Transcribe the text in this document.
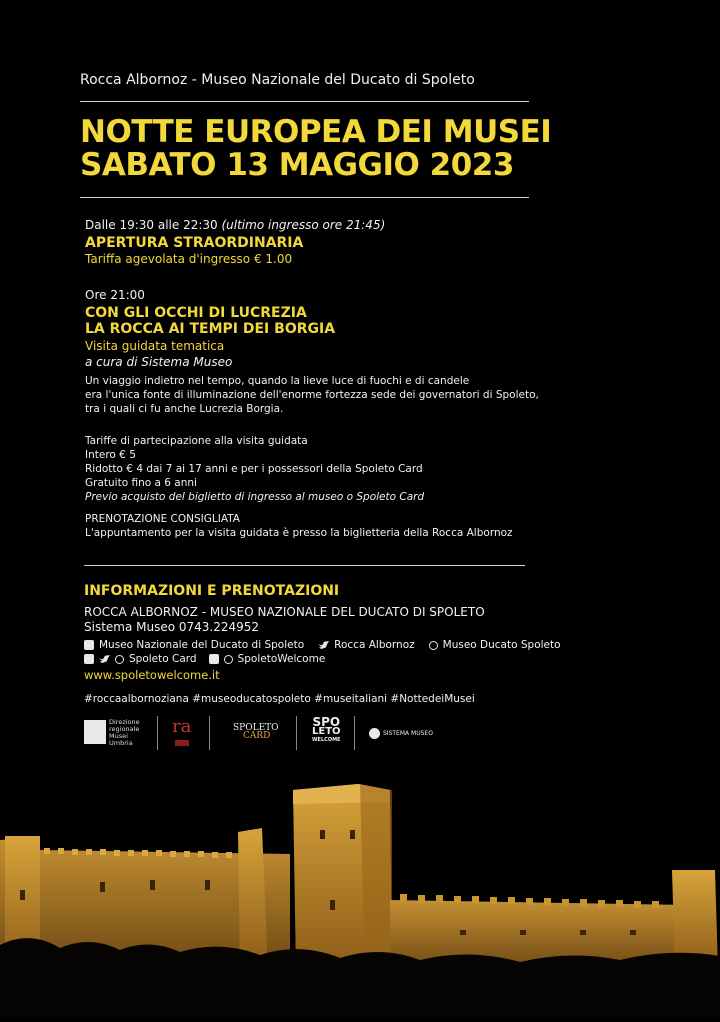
Rocca Albornoz - Museo Nazionale del Ducato di Spoleto
NOTTE EUROPEA DEI MUSEI
SABATO 13 MAGGIO 2023
Dalle 19:30 alle 22:30 (ultimo ingresso ore 21:45)
APERTURA STRAORDINARIA
Tariffa agevolata d'ingresso € 1.00
Ore 21:00
CON GLI OCCHI DI LUCREZIA
LA ROCCA AI TEMPI DEI BORGIA
Visita guidata tematica
a cura di Sistema Museo
Un viaggio indietro nel tempo, quando la lieve luce di fuochi e di candele
era l'unica fonte di illuminazione dell'enorme fortezza sede dei governatori di Spoleto,
tra i quali ci fu anche Lucrezia Borgia.
Tariffe di partecipazione alla visita guidata
Intero € 5
Ridotto € 4 dai 7 ai 17 anni e per i possessori della Spoleto Card
Gratuito fino a 6 anni
Previo acquisto del biglietto di ingresso al museo o Spoleto Card
PRENOTAZIONE CONSIGLIATA
L'appuntamento per la visita guidata è presso la biglietteria della Rocca Albornoz
INFORMAZIONI E PRENOTAZIONI
ROCCA ALBORNOZ - MUSEO NAZIONALE DEL DUCATO DI SPOLETO
Sistema Museo 0743.224952
Museo Nazionale del Ducato di Spoleto	Rocca Albornoz	Museo Ducato Spoleto
Spoleto Card	SpoletoWelcome
www.spoletowelcome.it
#roccaalbornoziana #museoducatospoleto #museitaliani #NottedeiMusei
Direzione
regionale
Musei
Umbria
ra	SPOLETO
CARD
SPO
LETO
WELCOME
SISTEMA MUSEO
